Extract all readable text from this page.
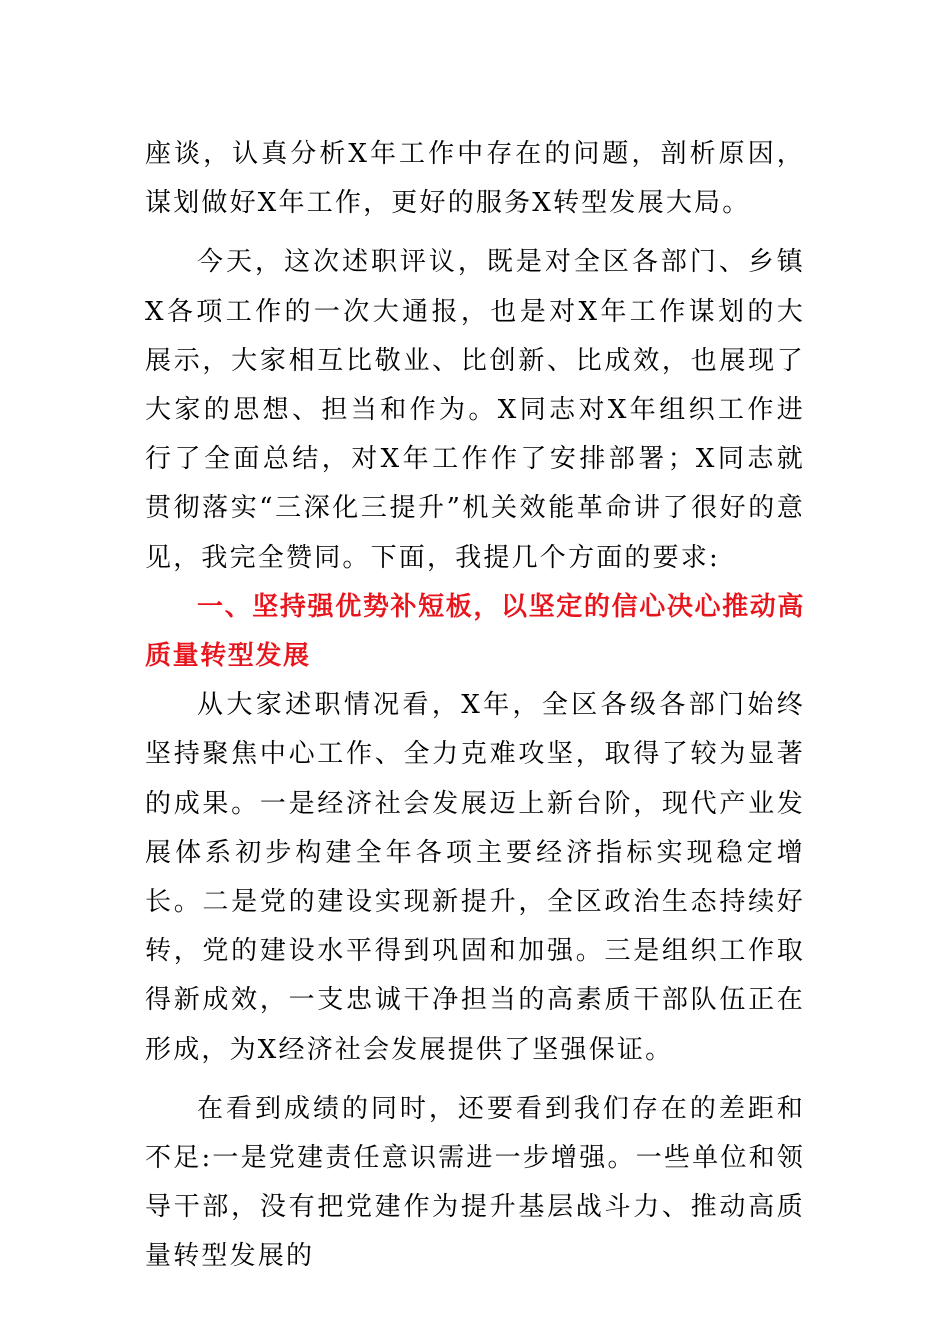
座谈，认真分析X年工作中存在的问题，剖析原因，谋划做好X年工作，更好的服务X转型发展大局。

今天，这次述职评议，既是对全区各部门、乡镇X各项工作的一次大通报，也是对X年工作谋划的大展示，大家相互比敬业、比创新、比成效，也展现了大家的思想、担当和作为。X同志对X年组织工作进行了全面总结，对X年工作作了安排部署；X同志就贯彻落实“三深化三提升”机关效能革命讲了很好的意见，我完全赞同。下面，我提几个方面的要求:

一、坚持强优势补短板，以坚定的信心决心推动高质量转型发展

从大家述职情况看，X年，全区各级各部门始终坚持聚焦中心工作、全力克难攻坚，取得了较为显著的成果。一是经济社会发展迈上新台阶，现代产业发展体系初步构建全年各项主要经济指标实现稳定增长。二是党的建设实现新提升，全区政治生态持续好转，党的建设水平得到巩固和加强。三是组织工作取得新成效，一支忠诚干净担当的高素质干部队伍正在形成，为X经济社会发展提供了坚强保证。

在看到成绩的同时，还要看到我们存在的差距和不足:一是党建责任意识需进一步增强。一些单位和领导干部，没有把党建作为提升基层战斗力、推动高质量转型发展的
